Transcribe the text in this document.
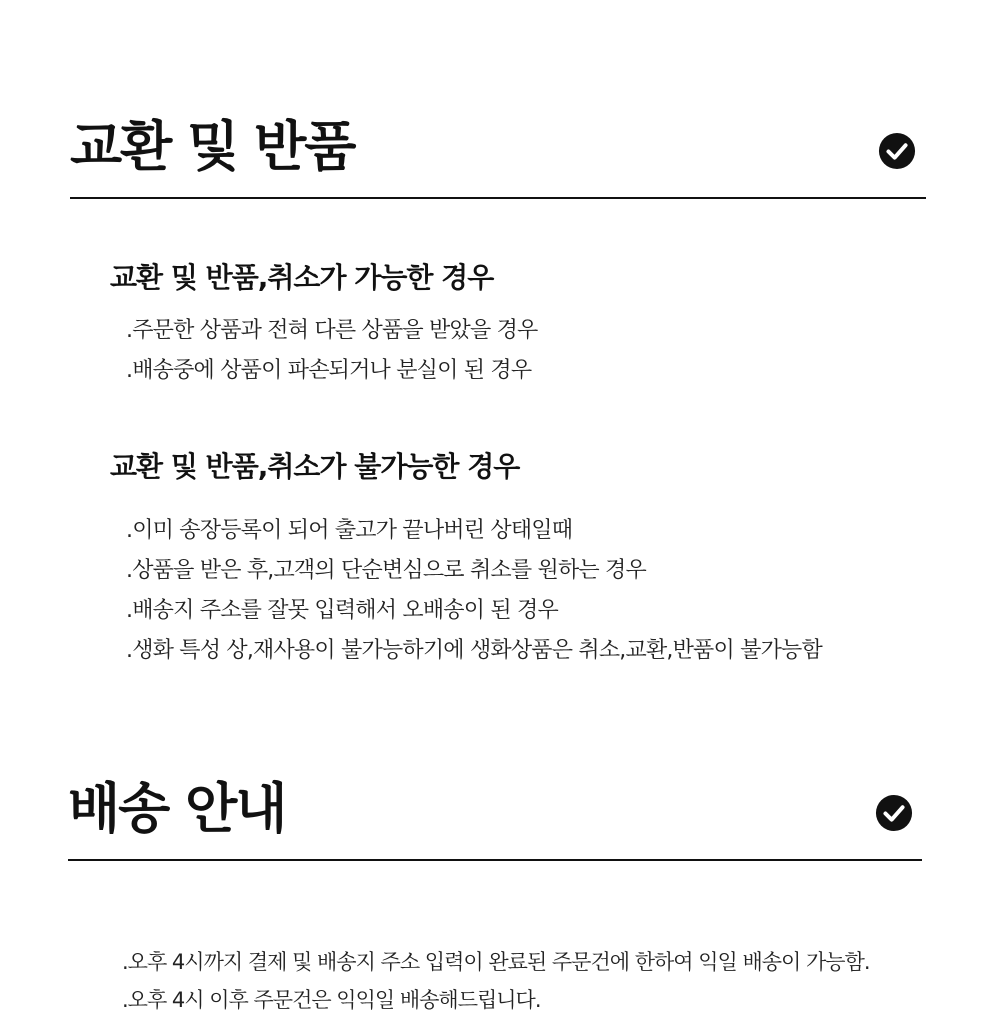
교환 및 반품
교환 및 반품,취소가 가능한 경우

.주문한 상품과 전혀 다른 상품을 받았을 경우

.배송중에 상품이 파손되거나 분실이 된 경우

교환 및 반품,취소가 불가능한 경우

.이미 송장등록이 되어 출고가 끝나버린 상태일때

.상품을 받은 후,고객의 단순변심으로 취소를 원하는 경우

.배송지 주소를 잘못 입력해서 오배송이 된 경우

.생화 특성 상,재사용이 불가능하기에 생화상품은 취소,교환,반품이 불가능함

배송 안내

.오후 4시까지 결제 및 배송지 주소 입력이 완료된 주문건에 한하여 익일 배송이 가능함.

.오후 4시 이후 주문건은 익익일 배송해드립니다.
